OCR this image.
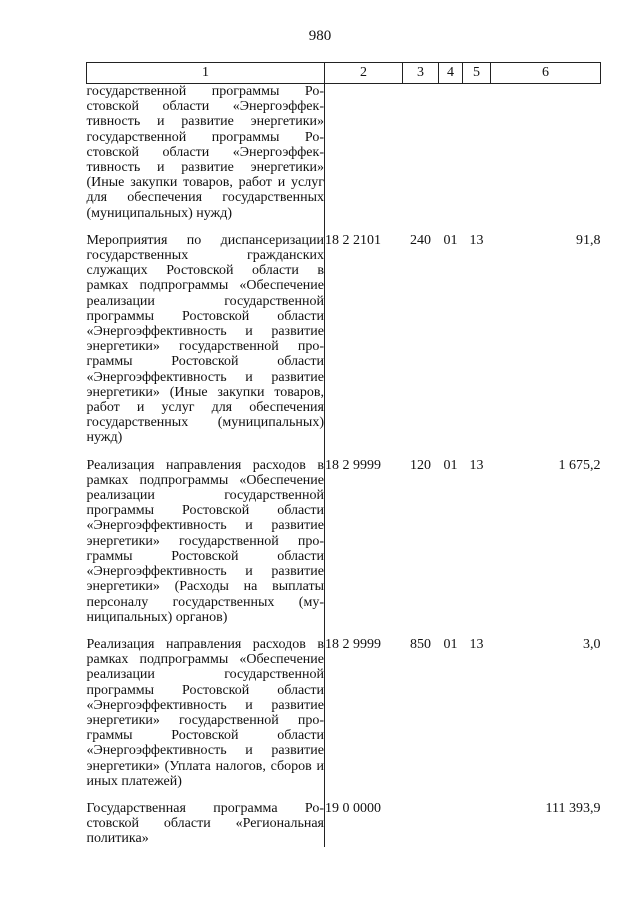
980
1	2	3	4	5	6
государственной программы Ростовской области «Энергоэффективность и развитие энергетики» государственной программы Ростовской области «Энергоэффективность и развитие энергетики» (Иные закупки товаров, работ и услуг для обеспечения государственных (муниципальных) нужд)					
Мероприятия по диспансеризации государственных гражданских служащих Ростовской области в рамках подпрограммы «Обеспечение реализации государственной программы Ростовской области «Энергоэффективность и развитие энергетики» государственной программы Ростовской области «Энергоэффективность и развитие энергетики» (Иные закупки товаров, работ и услуг для обеспечения государственных (муниципальных) нужд)	18 2 2101	240	01	13	91,8
Реализация направления расходов в рамках подпрограммы «Обеспечение реализации государственной программы Ростовской области «Энергоэффективность и развитие энергетики» государственной программы Ростовской области «Энергоэффективность и развитие энергетики» (Расходы на выплаты персоналу государственных (муниципальных) органов)	18 2 9999	120	01	13	1 675,2
Реализация направления расходов в рамках подпрограммы «Обеспечение реализации государственной программы Ростовской области «Энергоэффективность и развитие энергетики» государственной программы Ростовской области «Энергоэффективность и развитие энергетики» (Уплата налогов, сборов и иных платежей)	18 2 9999	850	01	13	3,0
Государственная программа Ростовской области «Региональная политика»	19 0 0000				111 393,9
